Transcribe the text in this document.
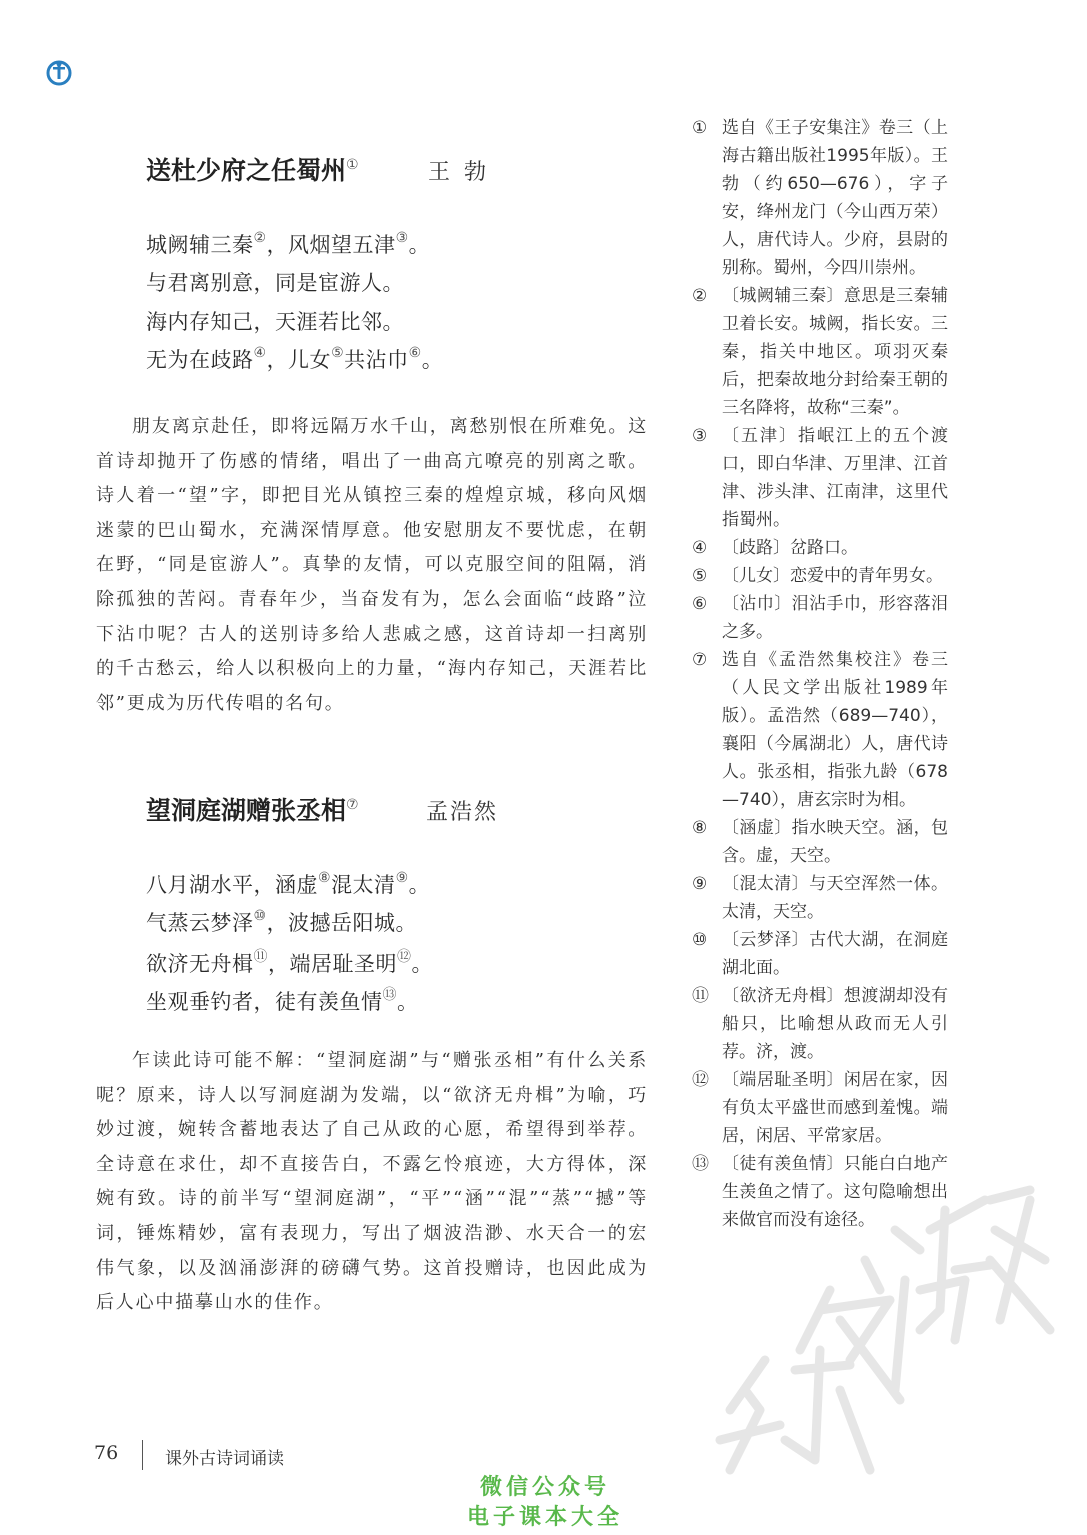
送杜少府之任蜀州①	王勃
城阙辅三秦②，风烟望五津③。
与君离别意，同是宦游人。
海内存知己，天涯若比邻。
无为在歧路④，儿女⑤共沾巾⑥。

朋友离京赴任，即将远隔万水千山，离愁别恨在所难免。这首诗却抛开了伤感的情绪，唱出了一曲高亢嘹亮的别离之歌。诗人着一“望”字，即把目光从镇控三秦的煌煌京城，移向风烟迷蒙的巴山蜀水，充满深情厚意。他安慰朋友不要忧虑，在朝在野，“同是宦游人”。真挚的友情，可以克服空间的阻隔，消除孤独的苦闷。青春年少，当奋发有为，怎么会面临“歧路”泣下沾巾呢？古人的送别诗多给人悲戚之感，这首诗却一扫离别的千古愁云，给人以积极向上的力量，“海内存知己，天涯若比邻”更成为历代传唱的名句。

望洞庭湖赠张丞相⑦	孟浩然
八月湖水平，涵虚⑧混太清⑨。
气蒸云梦泽⑩，波撼岳阳城。
欲济无舟楫⑪，端居耻圣明⑫。
坐观垂钓者，徒有羡鱼情⑬。

乍读此诗可能不解：“望洞庭湖”与“赠张丞相”有什么关系呢？原来，诗人以写洞庭湖为发端，以“欲济无舟楫”为喻，巧妙过渡，婉转含蓄地表达了自己从政的心愿，希望得到举荐。全诗意在求仕，却不直接告白，不露乞怜痕迹，大方得体，深婉有致。诗的前半写“望洞庭湖”，“平”“涵”“混”“蒸”“撼”等词，锤炼精妙，富有表现力，写出了烟波浩渺、水天合一的宏伟气象，以及汹涌澎湃的磅礴气势。这首投赠诗，也因此成为后人心中描摹山水的佳作。

① 选自《王子安集注》卷三（上海古籍出版社1995年版）。王勃（约650—676），字子安，绛州龙门（今山西万荣）人，唐代诗人。少府，县尉的别称。蜀州，今四川崇州。
② 〔城阙辅三秦〕意思是三秦辅卫着长安。城阙，指长安。三秦，指关中地区。项羽灭秦后，把秦故地分封给秦王朝的三名降将，故称“三秦”。
③ 〔五津〕指岷江上的五个渡口，即白华津、万里津、江首津、涉头津、江南津，这里代指蜀州。
④ 〔歧路〕岔路口。
⑤ 〔儿女〕恋爱中的青年男女。
⑥ 〔沾巾〕泪沾手巾，形容落泪之多。
⑦ 选自《孟浩然集校注》卷三（人民文学出版社1989年版）。孟浩然（689—740），襄阳（今属湖北）人，唐代诗人。张丞相，指张九龄（678—740），唐玄宗时为相。
⑧ 〔涵虚〕指水映天空。涵，包含。虚，天空。
⑨ 〔混太清〕与天空浑然一体。太清，天空。
⑩ 〔云梦泽〕古代大湖，在洞庭湖北面。
⑪ 〔欲济无舟楫〕想渡湖却没有船只，比喻想从政而无人引荐。济，渡。
⑫ 〔端居耻圣明〕闲居在家，因有负太平盛世而感到羞愧。端居，闲居、平常家居。
⑬ 〔徒有羡鱼情〕只能白白地产生羡鱼之情了。这句隐喻想出来做官而没有途径。
76	课外古诗词诵读
微信公众号
电子课本大全
